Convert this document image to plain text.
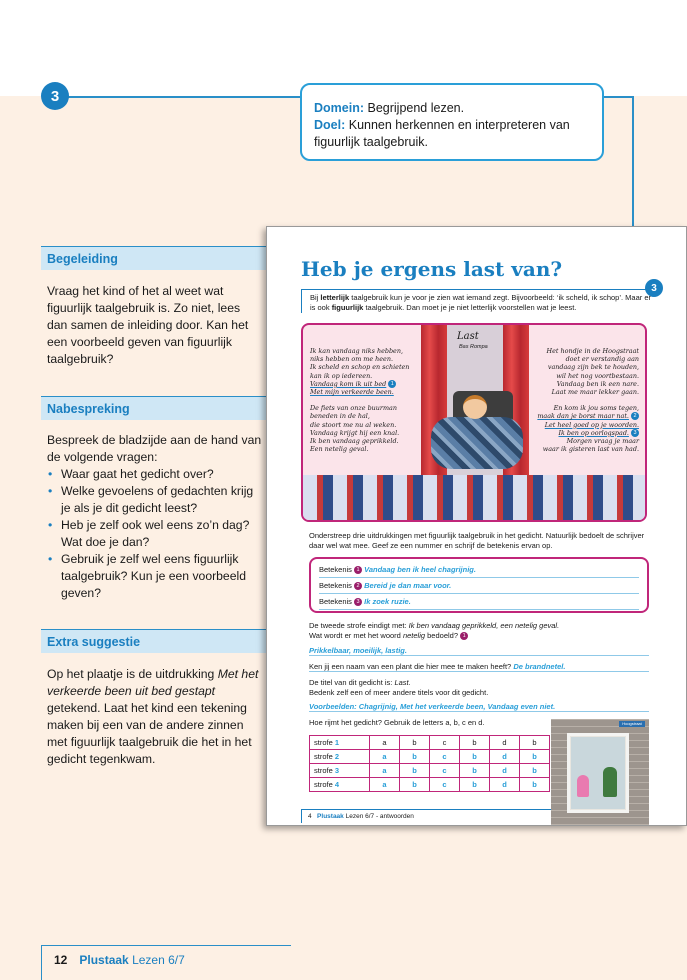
3
Domein: Begrijpend lezen.
Doel: Kunnen herkennen en interpreteren van figuurlijk taalgebruik.
Begeleiding
Vraag het kind of het al weet wat figuurlijk taalgebruik is. Zo niet, lees dan samen de inleiding door. Kan het een voorbeeld geven van figuurlijk taalgebruik?
Nabespreking
Bespreek de bladzijde aan de hand van de volgende vragen:
• Waar gaat het gedicht over?
• Welke gevoelens of gedachten krijg je als je dit gedicht leest?
• Heb je zelf ook wel eens zo’n dag? Wat doe je dan?
• Gebruik je zelf wel eens figuurlijk taalgebruik? Kun je een voorbeeld geven?
Extra suggestie
Op het plaatje is de uitdrukking Met het verkeerde been uit bed gestapt getekend. Laat het kind een tekening maken bij een van de andere zinnen met figuurlijk taalgebruik die het in het gedicht tegenkwam.
Heb je ergens last van?
3
Bij letterlijk taalgebruik kun je voor je zien wat iemand zegt. Bijvoorbeeld: ‘ik scheld, ik schop’. Maar er is ook figuurlijk taalgebruik. Dan moet je je niet letterlijk voorstellen wat je leest.
Last
Bas Rompa
Ik kan vandaag niks hebben,
niks hebben om me heen.
Ik scheld en schop en schieten
kan ik op iedereen.
Vandaag kom ik uit bed 1
Met mijn verkeerde been.
De fiets van onze buurman
beneden in de hal,
die stoort me nu al weken.
Vandaag krijgt hij een knal.
Ik ben vandaag geprikkeld.
Een netelig geval.
Het hondje in de Hoogstraat
doet er verstandig aan
vandaag zijn bek te houden,
wil het nog voortbestaan.
Vandaag ben ik een nare.
Laat me maar lekker gaan.
En kom ik jou soms tegen,
maak dan je borst maar nat. 2
Let heel goed op je woorden.
Ik ben op oorlogspad. 3
Morgen vraag je maar
waar ik gisteren last van had.
Onderstreep drie uitdrukkingen met figuurlijk taalgebruik in het gedicht. Natuurlijk bedoelt de schrijver daar wel wat mee. Geef ze een nummer en schrijf de betekenis ervan op.
Betekenis 1 Vandaag ben ik heel chagrijnig.
Betekenis 2 Bereid je dan maar voor.
Betekenis 3 Ik zoek ruzie.
De tweede strofe eindigt met: Ik ben vandaag geprikkeld, een netelig geval.
Wat wordt er met het woord netelig bedoeld? 1
Prikkelbaar, moeilijk, lastig.
Ken jij een naam van een plant die hier mee te maken heeft? De brandnetel.
De titel van dit gedicht is: Last.
Bedenk zelf een of meer andere titels voor dit gedicht.
Voorbeelden: Chagrijnig, Met het verkeerde been, Vandaag even niet.
Hoe rijmt het gedicht? Gebruik de letters a, b, c en d.
strofe 1	a	b	c	b	d	b
strofe 2	a	b	c	b	d	b
strofe 3	a	b	c	b	d	b
strofe 4	a	b	c	b	d	b
Hoogstraat
4 Plustaak Lezen 6/7 - antwoorden
12 Plustaak Lezen 6/7
